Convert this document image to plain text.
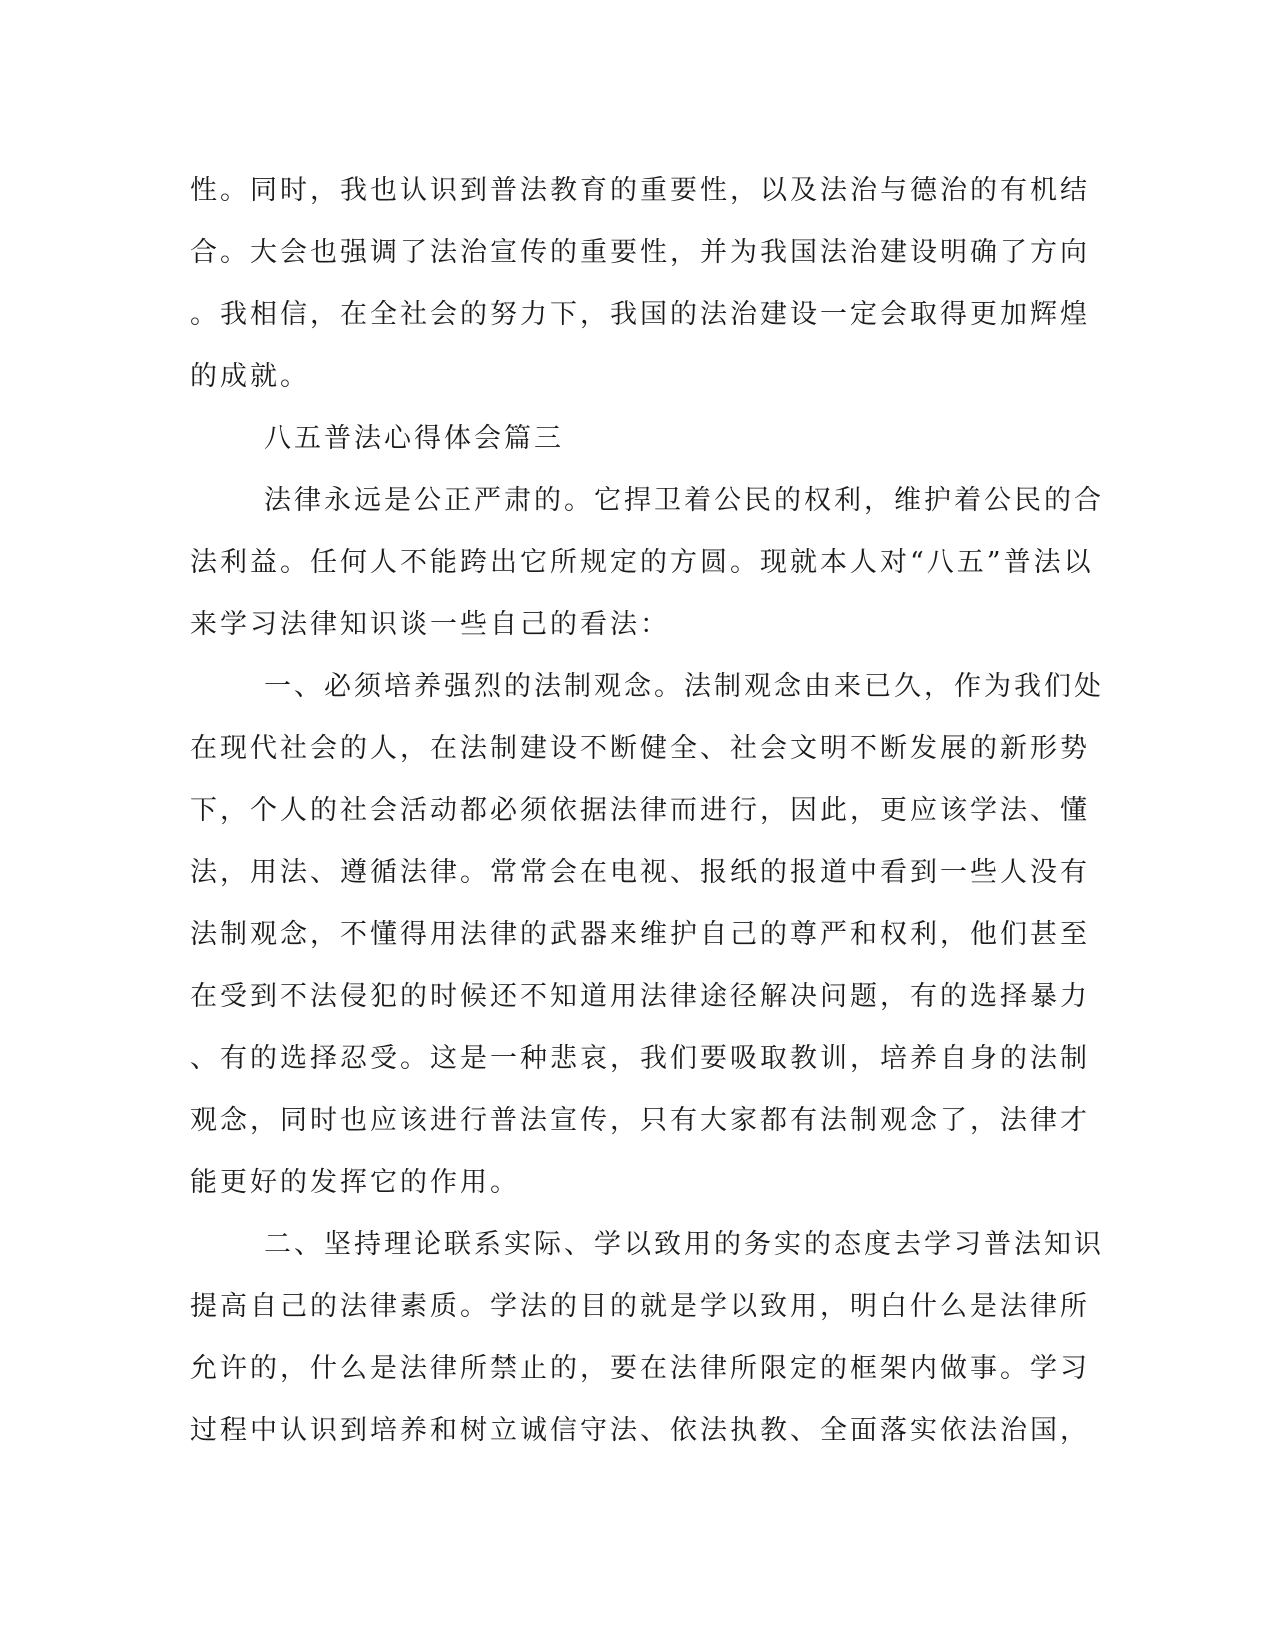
性。同时，我也认识到普法教育的重要性，以及法治与德治的有机结
合。大会也强调了法治宣传的重要性，并为我国法治建设明确了方向
。我相信，在全社会的努力下，我国的法治建设一定会取得更加辉煌
的成就。
八五普法心得体会篇三
法律永远是公正严肃的。它捍卫着公民的权利，维护着公民的合
法利益。任何人不能跨出它所规定的方圆。现就本人对“八五”普法以
来学习法律知识谈一些自己的看法：
一、必须培养强烈的法制观念。法制观念由来已久，作为我们处
在现代社会的人，在法制建设不断健全、社会文明不断发展的新形势
下，个人的社会活动都必须依据法律而进行，因此，更应该学法、懂
法，用法、遵循法律。常常会在电视、报纸的报道中看到一些人没有
法制观念，不懂得用法律的武器来维护自己的尊严和权利，他们甚至
在受到不法侵犯的时候还不知道用法律途径解决问题，有的选择暴力
、有的选择忍受。这是一种悲哀，我们要吸取教训，培养自身的法制
观念，同时也应该进行普法宣传，只有大家都有法制观念了，法律才
能更好的发挥它的作用。
二、坚持理论联系实际、学以致用的务实的态度去学习普法知识
提高自己的法律素质。学法的目的就是学以致用，明白什么是法律所
允许的，什么是法律所禁止的，要在法律所限定的框架内做事。学习
过程中认识到培养和树立诚信守法、依法执教、全面落实依法治国，
